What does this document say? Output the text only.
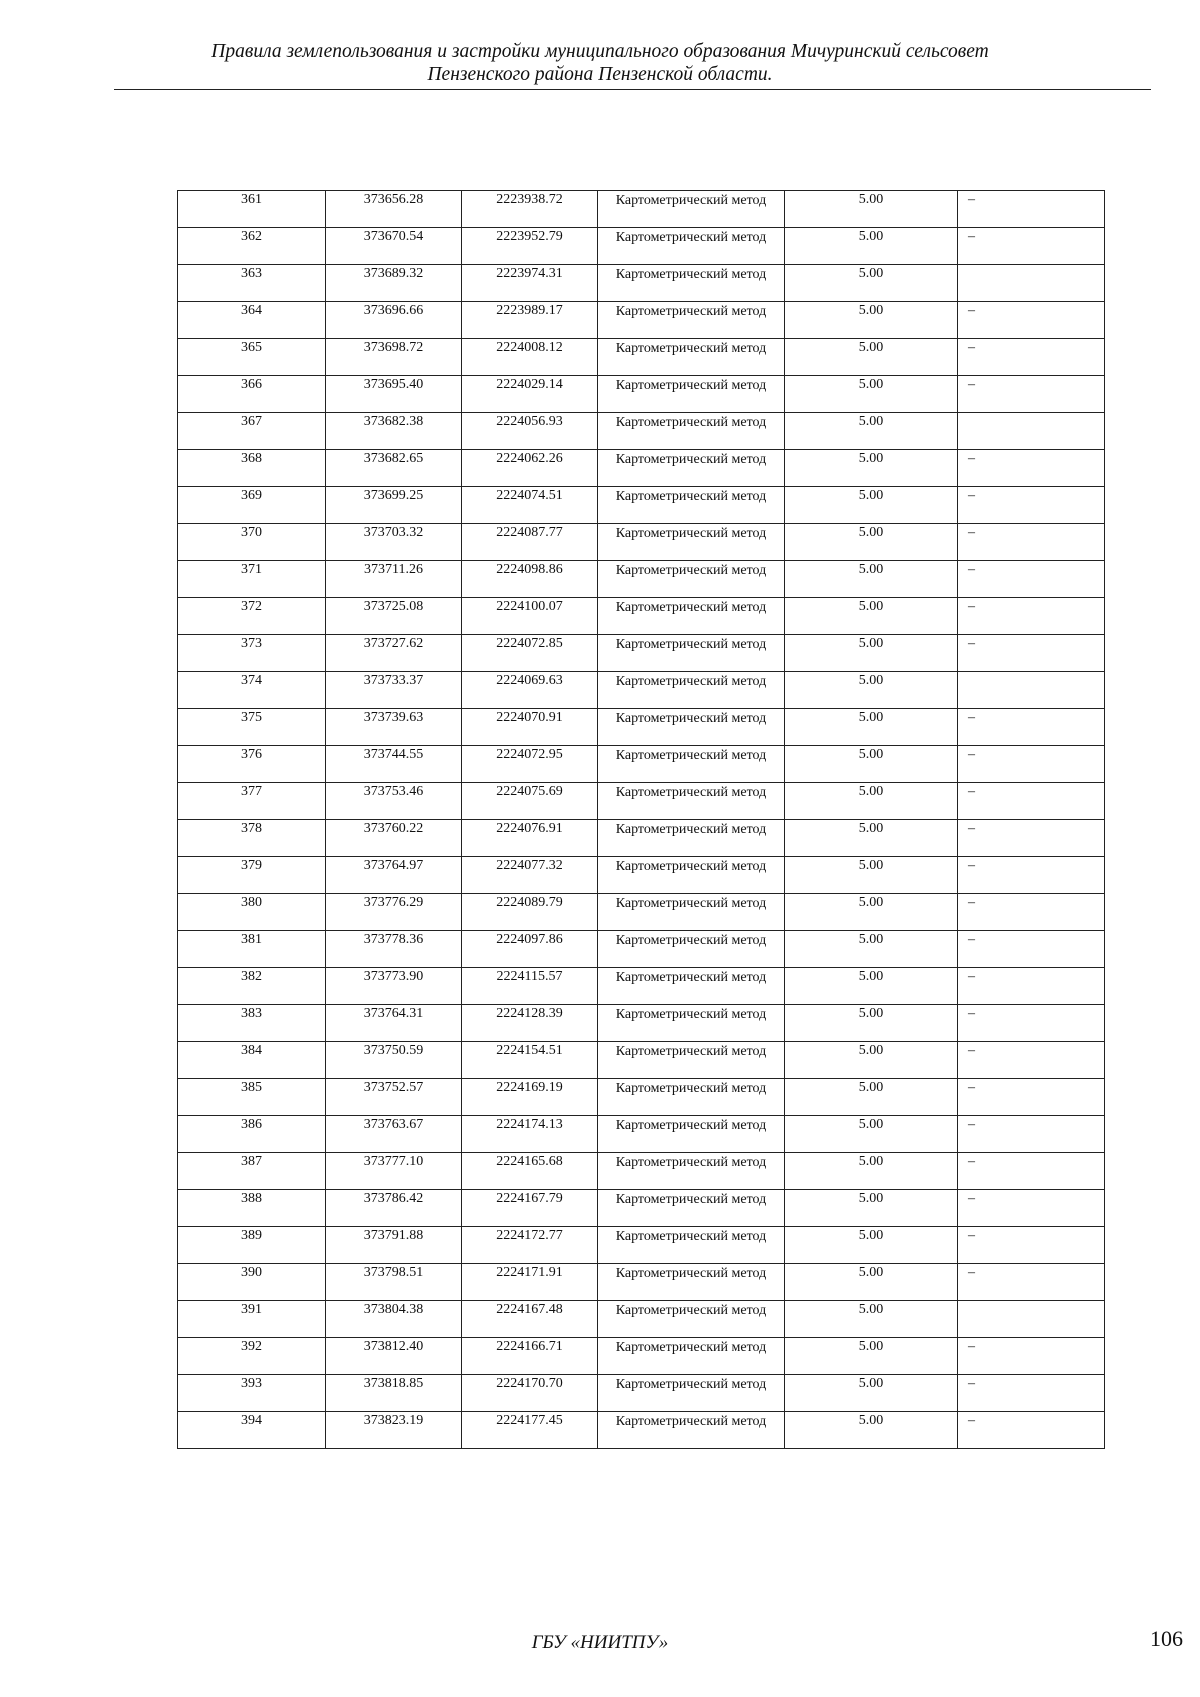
Правила землепользования и застройки муниципального образования Мичуринский сельсовет
Пензенского района Пензенской области.
361	373656.28	2223938.72	Картометрический метод	5.00	–
362	373670.54	2223952.79	Картометрический метод	5.00	–
363	373689.32	2223974.31	Картометрический метод	5.00	
364	373696.66	2223989.17	Картометрический метод	5.00	–
365	373698.72	2224008.12	Картометрический метод	5.00	–
366	373695.40	2224029.14	Картометрический метод	5.00	–
367	373682.38	2224056.93	Картометрический метод	5.00	
368	373682.65	2224062.26	Картометрический метод	5.00	–
369	373699.25	2224074.51	Картометрический метод	5.00	–
370	373703.32	2224087.77	Картометрический метод	5.00	–
371	373711.26	2224098.86	Картометрический метод	5.00	–
372	373725.08	2224100.07	Картометрический метод	5.00	–
373	373727.62	2224072.85	Картометрический метод	5.00	–
374	373733.37	2224069.63	Картометрический метод	5.00	
375	373739.63	2224070.91	Картометрический метод	5.00	–
376	373744.55	2224072.95	Картометрический метод	5.00	–
377	373753.46	2224075.69	Картометрический метод	5.00	–
378	373760.22	2224076.91	Картометрический метод	5.00	–
379	373764.97	2224077.32	Картометрический метод	5.00	–
380	373776.29	2224089.79	Картометрический метод	5.00	–
381	373778.36	2224097.86	Картометрический метод	5.00	–
382	373773.90	2224115.57	Картометрический метод	5.00	–
383	373764.31	2224128.39	Картометрический метод	5.00	–
384	373750.59	2224154.51	Картометрический метод	5.00	–
385	373752.57	2224169.19	Картометрический метод	5.00	–
386	373763.67	2224174.13	Картометрический метод	5.00	–
387	373777.10	2224165.68	Картометрический метод	5.00	–
388	373786.42	2224167.79	Картометрический метод	5.00	–
389	373791.88	2224172.77	Картометрический метод	5.00	–
390	373798.51	2224171.91	Картометрический метод	5.00	–
391	373804.38	2224167.48	Картометрический метод	5.00	
392	373812.40	2224166.71	Картометрический метод	5.00	–
393	373818.85	2224170.70	Картометрический метод	5.00	–
394	373823.19	2224177.45	Картометрический метод	5.00	–
ГБУ «НИИТПУ»	106
